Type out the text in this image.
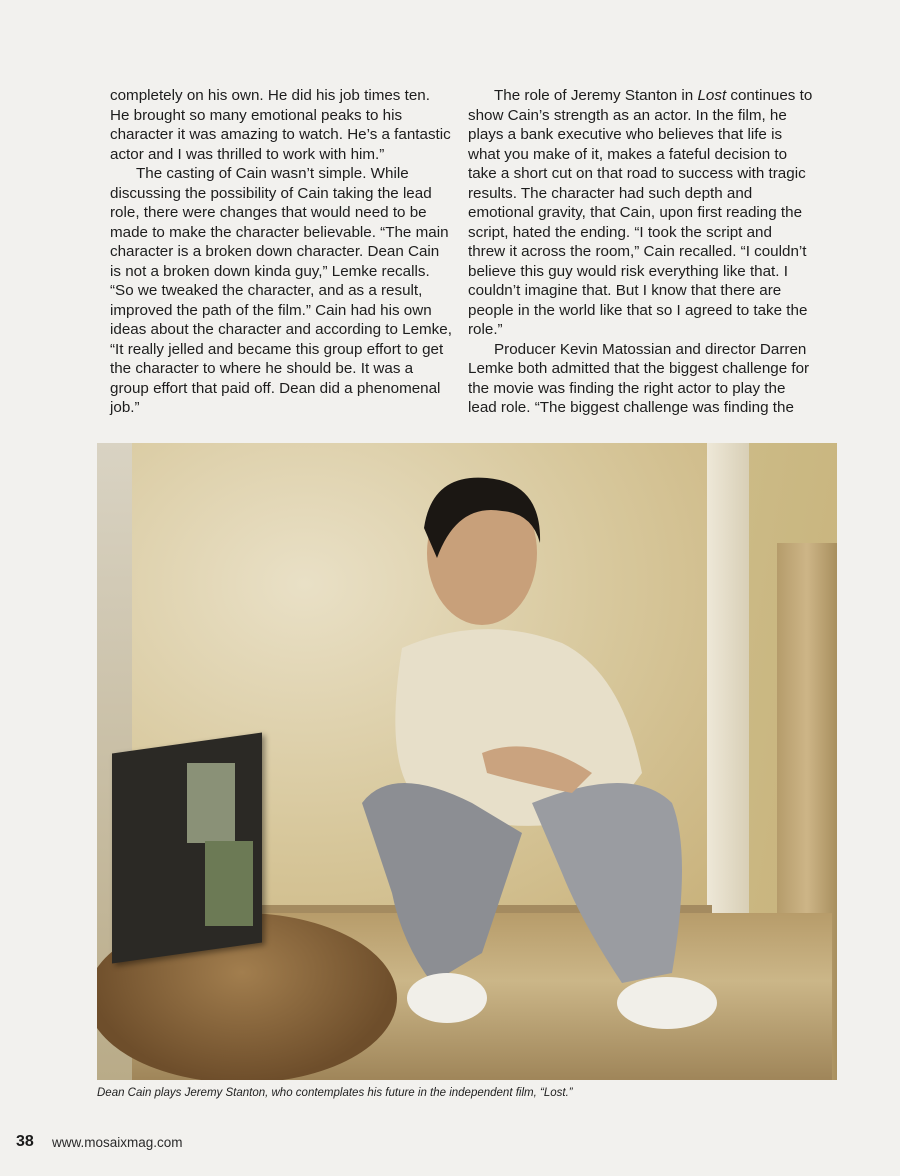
completely on his own. He did his job times ten. He brought so many emotional peaks to his character it was amazing to watch. He’s a fantastic actor and I was thrilled to work with him.”

The casting of Cain wasn’t simple. While discussing the possibility of Cain taking the lead role, there were changes that would need to be made to make the character believable. “The main character is a broken down character. Dean Cain is not a broken down kinda guy,” Lemke recalls. “So we tweaked the character, and as a result, improved the path of the film.” Cain had his own ideas about the character and according to Lemke, “It really jelled and became this group effort to get the character to where he should be. It was a group effort that paid off. Dean did a phenomenal job.”

The role of Jeremy Stanton in Lost continues to show Cain’s strength as an actor. In the film, he plays a bank executive who believes that life is what you make of it, makes a fateful decision to take a short cut on that road to success with tragic results. The character had such depth and emotional gravity, that Cain, upon first reading the script, hated the ending. “I took the script and threw it across the room,” Cain recalled. “I couldn’t believe this guy would risk everything like that. I couldn’t imagine that. But I know that there are people in the world like that so I agreed to take the role.”

Producer Kevin Matossian and director Darren Lemke both admitted that the biggest challenge for the movie was finding the right actor to play the lead role. “The biggest challenge was finding the

Dean Cain plays Jeremy Stanton, who contemplates his future in the independent film, “Lost.”
38 www.mosaixmag.com
